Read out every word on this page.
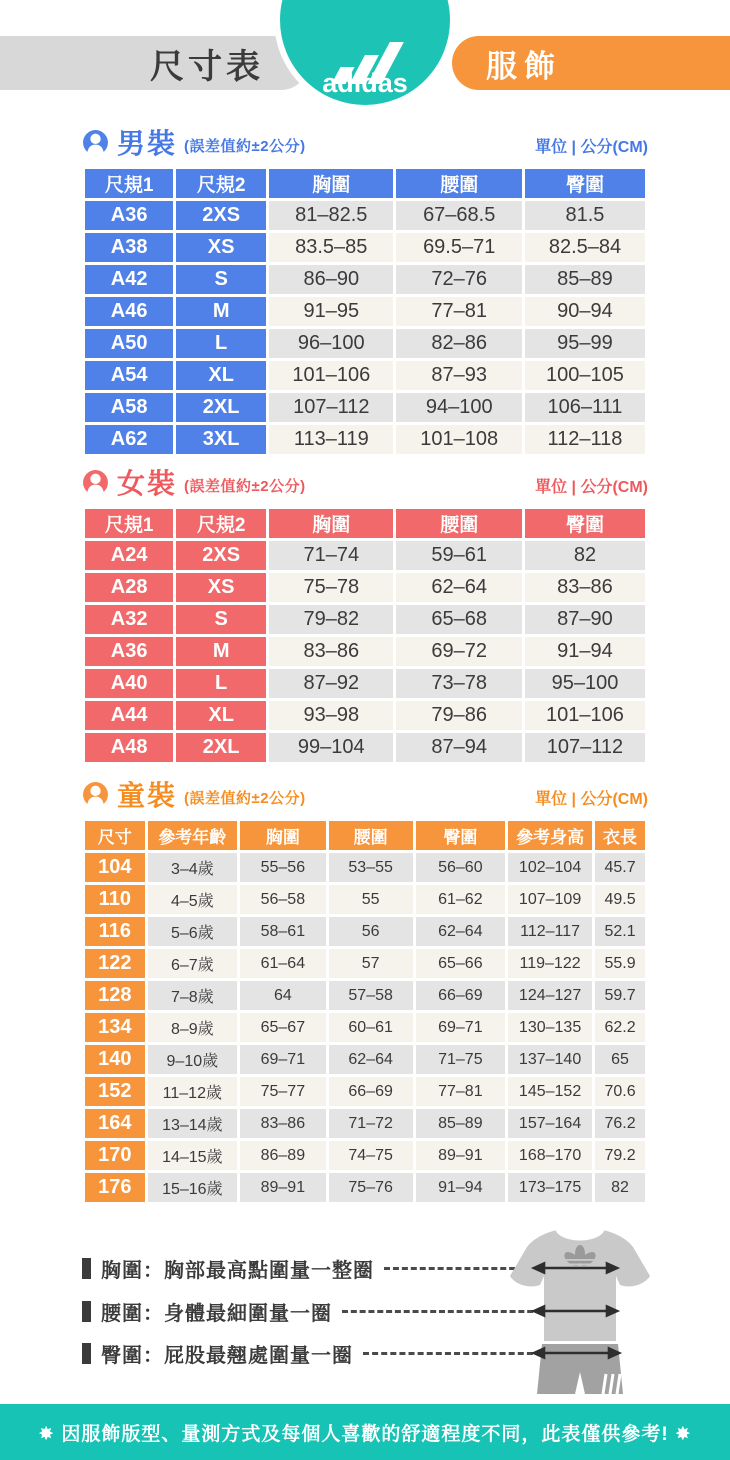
尺寸表 adidas	服飾
男裝 (誤差值約±2公分)	單位 | 公分(CM)
尺規1	尺規2	胸圍	腰圍	臀圍
A36	2XS	81–82.5	67–68.5	81.5
A38	XS	83.5–85	69.5–71	82.5–84
A42	S	86–90	72–76	85–89
A46	M	91–95	77–81	90–94
A50	L	96–100	82–86	95–99
A54	XL	101–106	87–93	100–105
A58	2XL	107–112	94–100	106–111
A62	3XL	113–119	101–108	112–118
女裝 (誤差值約±2公分)	單位 | 公分(CM)
尺規1	尺規2	胸圍	腰圍	臀圍
A24	2XS	71–74	59–61	82
A28	XS	75–78	62–64	83–86
A32	S	79–82	65–68	87–90
A36	M	83–86	69–72	91–94
A40	L	87–92	73–78	95–100
A44	XL	93–98	79–86	101–106
A48	2XL	99–104	87–94	107–112
童裝 (誤差值約±2公分)	單位 | 公分(CM)
尺寸	參考年齡	胸圍	腰圍	臀圍	參考身高	衣長
104	3–4歲	55–56	53–55	56–60	102–104	45.7
110	4–5歲	56–58	55	61–62	107–109	49.5
116	5–6歲	58–61	56	62–64	112–117	52.1
122	6–7歲	61–64	57	65–66	119–122	55.9
128	7–8歲	64	57–58	66–69	124–127	59.7
134	8–9歲	65–67	60–61	69–71	130–135	62.2
140	9–10歲	69–71	62–64	71–75	137–140	65
152	11–12歲	75–77	66–69	77–81	145–152	70.6
164	13–14歲	83–86	71–72	85–89	157–164	76.2
170	14–15歲	86–89	74–75	89–91	168–170	79.2
176	15–16歲	89–91	75–76	91–94	173–175	82
胸圍：胸部最高點圍量一整圈
腰圍：身體最細圍量一圈
臀圍：屁股最翹處圍量一圈
✸ 因服飾版型、量測方式及每個人喜歡的舒適程度不同，此表僅供參考! ✸
